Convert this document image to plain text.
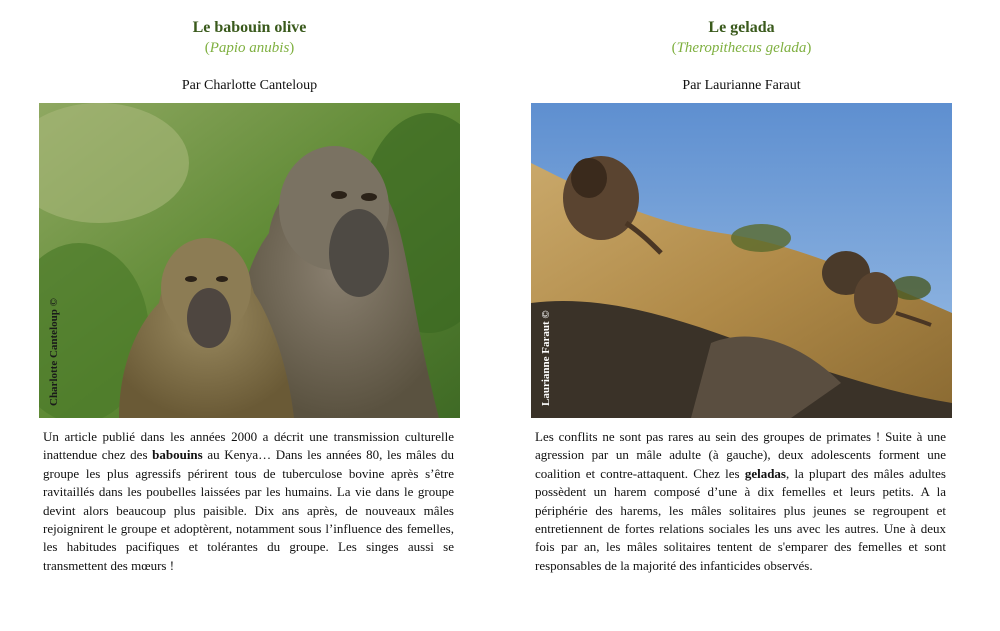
Le babouin olive
(Papio anubis)
Par Charlotte Canteloup
Charlotte Canteloup ©
Un article publié dans les années 2000 a décrit une transmission culturelle inattendue chez des babouins au Kenya… Dans les années 80, les mâles du groupe les plus agressifs périrent tous de tuberculose bovine après s’être ravitaillés dans les poubelles laissées par les humains. La vie dans le groupe devint alors beaucoup plus paisible. Dix ans après, de nouveaux mâles rejoignirent le groupe et adoptèrent, notamment sous l’influence des femelles, les habitudes pacifiques et tolérantes du groupe. Les singes aussi se transmettent des mœurs !
Le gelada
(Theropithecus gelada)
Par Laurianne Faraut
Laurianne Faraut ©
Les conflits ne sont pas rares au sein des groupes de primates ! Suite à une agression par un mâle adulte (à gauche), deux adolescents forment une coalition et contre-attaquent. Chez les geladas, la plupart des mâles adultes possèdent un harem composé d’une à dix femelles et leurs petits. A la périphérie des harems, les mâles solitaires plus jeunes se regroupent et entretiennent de fortes relations sociales les uns avec les autres. Une à deux fois par an, les mâles solitaires tentent de s'emparer des femelles et sont responsables de la majorité des infanticides observés.
